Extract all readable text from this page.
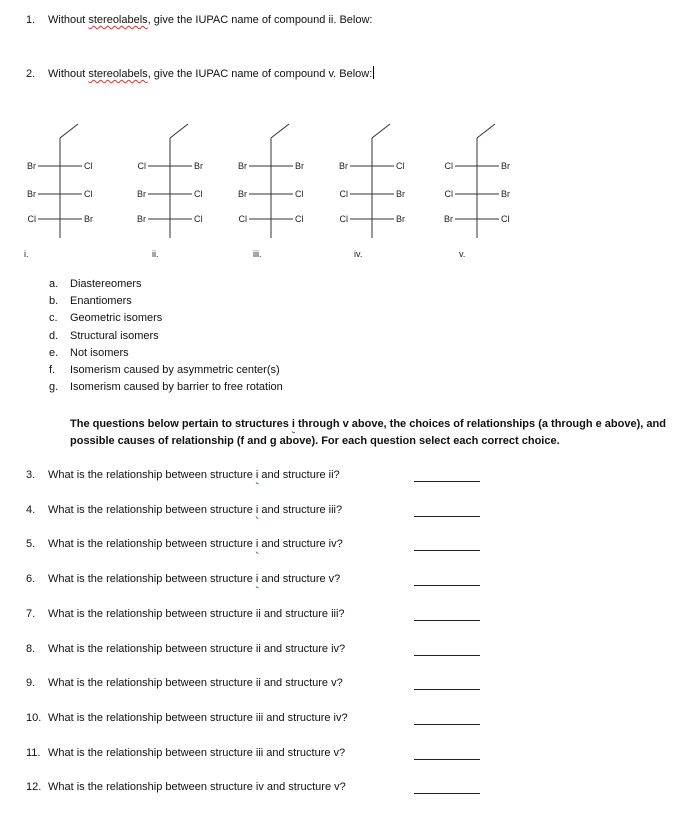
1. Without stereolabels, give the IUPAC name of compound ii. Below:
2. Without stereolabels, give the IUPAC name of compound v. Below:
Br	Cl
Br	Cl
Cl	Br
i.
Cl	Br
Br	Cl
Br	Cl
ii.
Br	Br
Br	Cl
Cl	Cl
iii.
Br	Cl
Cl	Br
Cl	Br
iv.
Cl	Br
Cl	Br
Br	Cl
v.
a. Diastereomers
b. Enantiomers
c. Geometric isomers
d. Structural isomers
e. Not isomers
f. Isomerism caused by asymmetric center(s)
g. Isomerism caused by barrier to free rotation
The questions below pertain to structures i through v above, the choices of relationships (a through e above), and possible causes of relationship (f and g above). For each question select each correct choice.
3. What is the relationship between structure i and structure ii?
4. What is the relationship between structure i and structure iii?
5. What is the relationship between structure i and structure iv?
6. What is the relationship between structure i and structure v?
7. What is the relationship between structure ii and structure iii?
8. What is the relationship between structure ii and structure iv?
9. What is the relationship between structure ii and structure v?
10. What is the relationship between structure iii and structure iv?
11. What is the relationship between structure iii and structure v?
12. What is the relationship between structure iv and structure v?
